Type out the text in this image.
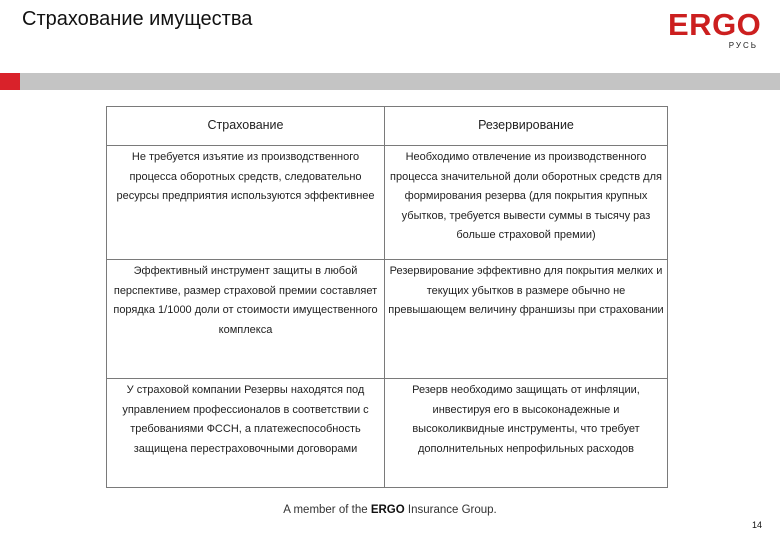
Страхование имущества	ERGO
РУСЬ
Страхование	Резервирование
Не требуется изъятие из производственного процесса оборотных средств, следовательно ресурсы предприятия используются эффективнее	Необходимо отвлечение из производственного процесса значительной доли оборотных средств для формирования резерва (для покрытия крупных убытков, требуется вывести суммы в тысячу раз больше страховой премии)
Эффективный инструмент защиты в любой перспективе, размер страховой премии составляет порядка 1/1000 доли от стоимости имущественного комплекса	Резервирование эффективно для покрытия мелких и текущих убытков в размере обычно не превышающем величину франшизы при страховании
У страховой компании Резервы находятся под управлением профессионалов в соответствии с требованиями ФССН, а платежеспособность защищена перестраховочными договорами	Резерв необходимо защищать от инфляции, инвестируя его в высоконадежные и высоколиквидные инструменты, что требует дополнительных непрофильных расходов
A member of the ERGO Insurance Group.
14
